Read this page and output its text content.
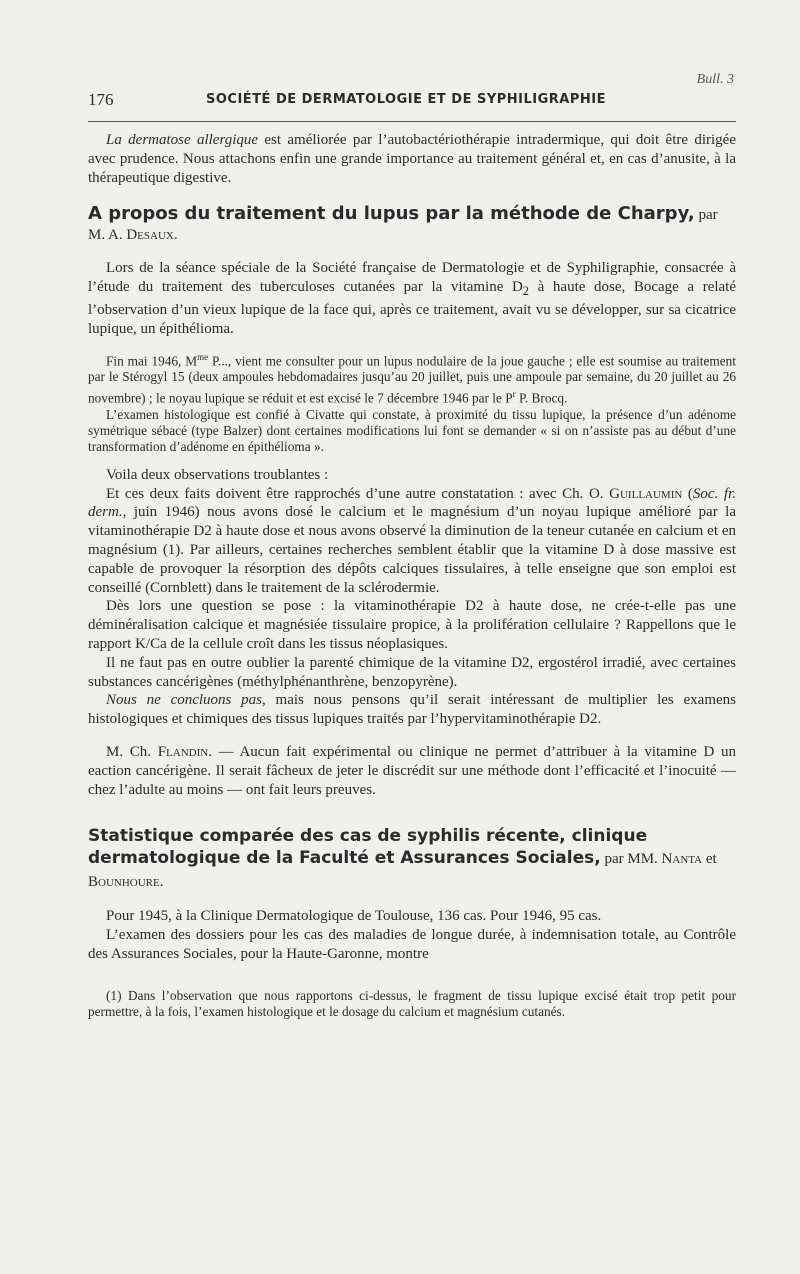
Bull. 3
176	SOCIÉTÉ DE DERMATOLOGIE ET DE SYPHILIGRAPHIE

La dermatose allergique est améliorée par l’autobactériothérapie intradermique, qui doit être dirigée avec prudence. Nous attachons enfin une grande importance au traitement général et, en cas d’anusite, à la thérapeutique digestive.

A propos du traitement du lupus par la méthode de Charpy, par
M. A. Desaux.

Lors de la séance spéciale de la Société française de Dermatologie et de Syphiligraphie, consacrée à l’étude du traitement des tuberculoses cutanées par la vitamine $D_2$ à haute dose, Bocage a relaté l’observation d’un vieux lupique de la face qui, après ce traitement, avait vu se développer, sur sa cicatrice lupique, un épithélioma.

Fin mai 1946, $M^{me}$ P..., vient me consulter pour un lupus nodulaire de la joue gauche ; elle est soumise au traitement par le Stérogyl 15 (deux ampoules hebdomadaires jusqu’au 20 juillet, puis une ampoule par semaine, du 20 juillet au 26 novembre) ; le noyau lupique se réduit et est excisé le 7 décembre 1946 par le $P^r$ P. Brocq.

L’examen histologique est confié à Civatte qui constate, à proximité du tissu lupique, la présence d’un adénome symétrique sébacé (type Balzer) dont certaines modifications lui font se demander « si on n’assiste pas au début d’une transformation d’adénome en épithélioma ».

Voila deux observations troublantes :

Et ces deux faits doivent être rapprochés d’une autre constatation : avec Ch. O. Guillaumin (Soc. fr. derm., juin 1946) nous avons dosé le calcium et le magnésium d’un noyau lupique amélioré par la vitaminothérapie D2 à haute dose et nous avons observé la diminution de la teneur cutanée en calcium et en magnésium (1). Par ailleurs, certaines recherches semblent établir que la vitamine D à dose massive est capable de provoquer la résorption des dépôts calciques tissulaires, à telle enseigne que son emploi est conseillé (Cornblett) dans le traitement de la sclérodermie.

Dès lors une question se pose : la vitaminothérapie D2 à haute dose, ne crée-t-elle pas une déminéralisation calcique et magnésiée tissulaire propice, à la prolifération cellulaire ? Rappellons que le rapport K/Ca de la cellule croît dans les tissus néoplasiques.

Il ne faut pas en outre oublier la parenté chimique de la vitamine D2, ergostérol irradié, avec certaines substances cancérigènes (méthylphénanthrène, benzopyrène).

Nous ne concluons pas, mais nous pensons qu’il serait intéressant de multiplier les examens histologiques et chimiques des tissus lupiques traités par l’hypervitaminothérapie D2.

M. Ch. Flandin. — Aucun fait expérimental ou clinique ne permet d’attribuer à la vitamine D un eaction cancérigène. Il serait fâcheux de jeter le discrédit sur une méthode dont l’efficacité et l’inocuité — chez l’adulte au moins — ont fait leurs preuves.

Statistique comparée des cas de syphilis récente, clinique dermatologique de la Faculté et Assurances Sociales, par MM. Nanta et Bounhoure.

Pour 1945, à la Clinique Dermatologique de Toulouse, 136 cas. Pour 1946, 95 cas.

L’examen des dossiers pour les cas des maladies de longue durée, à indemnisation totale, au Contrôle des Assurances Sociales, pour la Haute-Garonne, montre

(1) Dans l’observation que nous rapportons ci-dessus, le fragment de tissu lupique excisé était trop petit pour permettre, à la fois, l’examen histologique et le dosage du calcium et magnésium cutanés.
